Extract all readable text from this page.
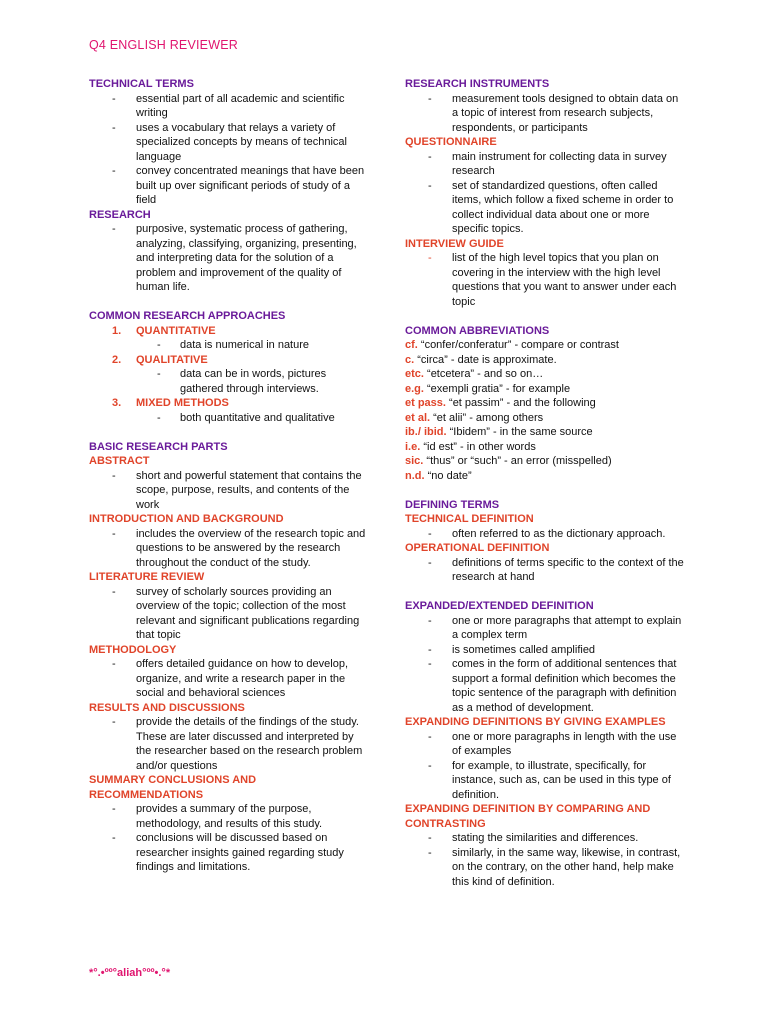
Q4 ENGLISH REVIEWER
TECHNICAL TERMS
- essential part of all academic and scientific writing
- uses a vocabulary that relays a variety of specialized concepts by means of technical language
- convey concentrated meanings that have been built up over significant periods of study of a field
RESEARCH
- purposive, systematic process of gathering, analyzing, classifying, organizing, presenting, and interpreting data for the solution of a problem and improvement of the quality of human life.
COMMON RESEARCH APPROACHES
1. QUANTITATIVE
- data is numerical in nature
2. QUALITATIVE
- data can be in words, pictures gathered through interviews.
3. MIXED METHODS
- both quantitative and qualitative
BASIC RESEARCH PARTS
ABSTRACT
- short and powerful statement that contains the scope, purpose, results, and contents of the work
INTRODUCTION AND BACKGROUND
- includes the overview of the research topic and questions to be answered by the research throughout the conduct of the study.
LITERATURE REVIEW
- survey of scholarly sources providing an overview of the topic; collection of the most relevant and significant publications regarding that topic
METHODOLOGY
- offers detailed guidance on how to develop, organize, and write a research paper in the social and behavioral sciences
RESULTS AND DISCUSSIONS
- provide the details of the findings of the study. These are later discussed and interpreted by the researcher based on the research problem and/or questions
SUMMARY CONCLUSIONS AND RECOMMENDATIONS
- provides a summary of the purpose, methodology, and results of this study.
- conclusions will be discussed based on researcher insights gained regarding study findings and limitations.
RESEARCH INSTRUMENTS
- measurement tools designed to obtain data on a topic of interest from research subjects, respondents, or participants
QUESTIONNAIRE
- main instrument for collecting data in survey research
- set of standardized questions, often called items, which follow a fixed scheme in order to collect individual data about one or more specific topics.
INTERVIEW GUIDE
- list of the high level topics that you plan on covering in the interview with the high level questions that you want to answer under each topic
COMMON ABBREVIATIONS
cf. “confer/conferatur” - compare or contrast
c. “circa” - date is approximate.
etc. “etcetera” - and so on…
e.g. “exempli gratia” - for example
et pass. “et passim” - and the following
et al. “et alii” - among others
ib./ ibid. “Ibidem” - in the same source
i.e. “id est” - in other words
sic. “thus” or “such” - an error (misspelled)
n.d. “no date”
DEFINING TERMS
TECHNICAL DEFINITION
- often referred to as the dictionary approach.
OPERATIONAL DEFINITION
- definitions of terms specific to the context of the research at hand
EXPANDED/EXTENDED DEFINITION
- one or more paragraphs that attempt to explain a complex term
- is sometimes called amplified
- comes in the form of additional sentences that support a formal definition which becomes the topic sentence of the paragraph with definition as a method of development.
EXPANDING DEFINITIONS BY GIVING EXAMPLES
- one or more paragraphs in length with the use of examples
- for example, to illustrate, specifically, for instance, such as, can be used in this type of definition.
EXPANDING DEFINITION BY COMPARING AND CONTRASTING
- stating the similarities and differences.
- similarly, in the same way, likewise, in contrast, on the contrary, on the other hand, help make this kind of definition.
*°.•ºº°aliah°ºº•.°*
